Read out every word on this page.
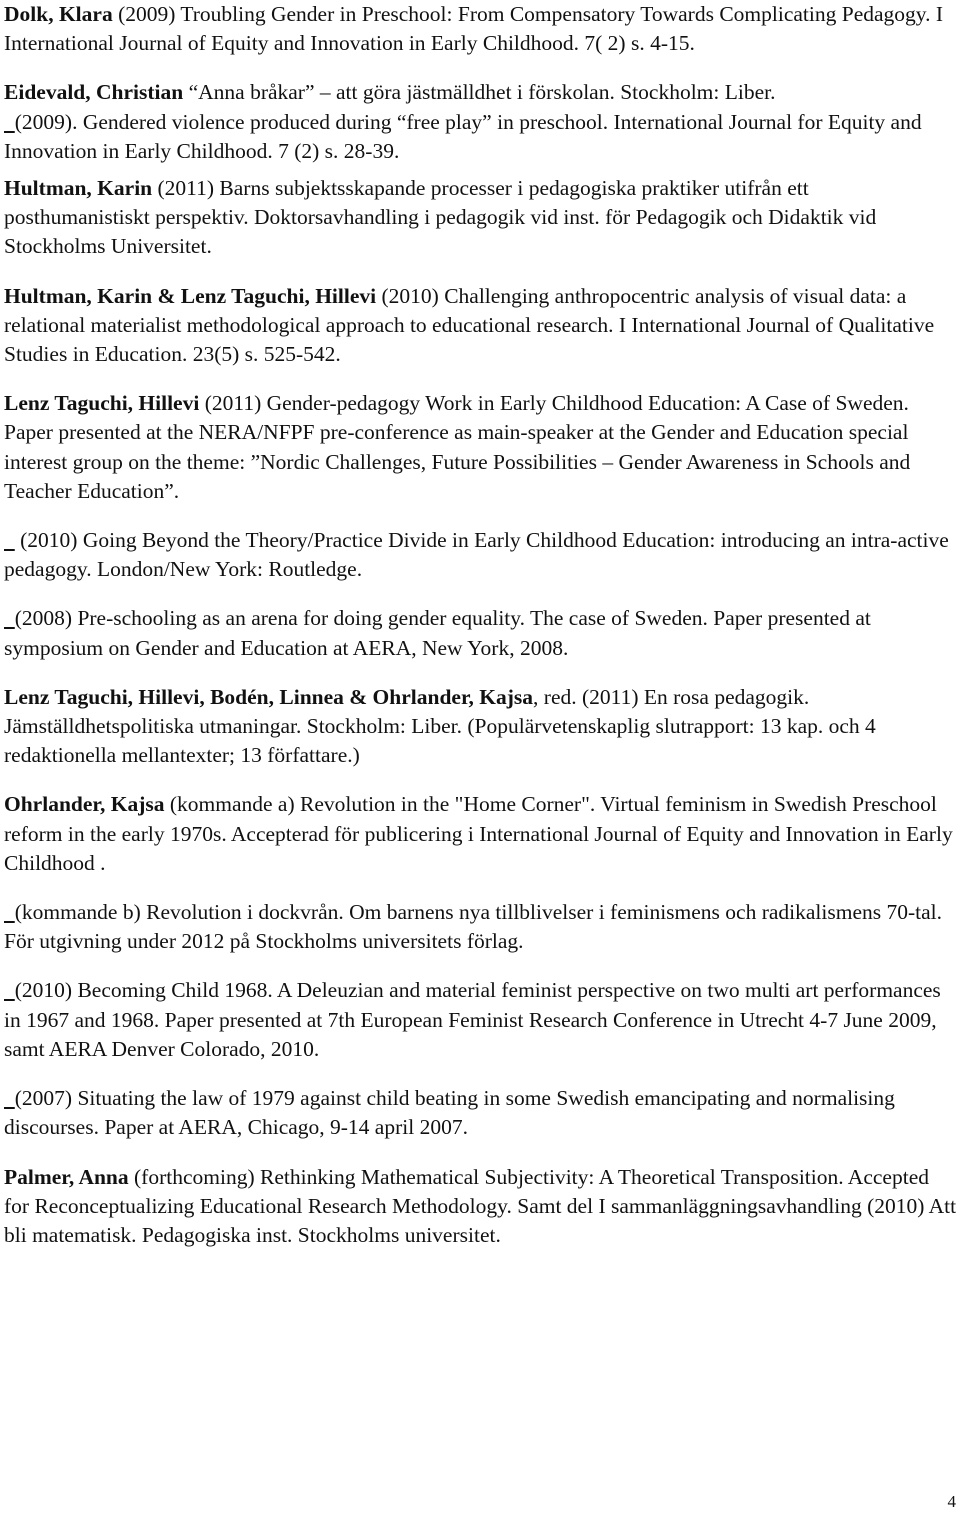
Dolk, Klara (2009) Troubling Gender in Preschool: From Compensatory Towards Complicating Pedagogy. I International Journal of Equity and Innovation in Early Childhood. 7( 2) s. 4-15.

Eidevald, Christian “Anna bråkar” – att göra jästmälldhet i förskolan. Stockholm: Liber.

(2009). Gendered violence produced during “free play” in preschool. International Journal for Equity and Innovation in Early Childhood. 7 (2) s. 28-39.

Hultman, Karin (2011) Barns subjektsskapande processer i pedagogiska praktiker utifrån ett posthumanistiskt perspektiv. Doktorsavhandling i pedagogik vid inst. för Pedagogik och Didaktik vid Stockholms Universitet.

Hultman, Karin & Lenz Taguchi, Hillevi (2010) Challenging anthropocentric analysis of visual data: a relational materialist methodological approach to educational research. I International Journal of Qualitative Studies in Education. 23(5) s. 525-542.

Lenz Taguchi, Hillevi (2011) Gender-pedagogy Work in Early Childhood Education: A Case of Sweden. Paper presented at the NERA/NFPF pre-conference as main-speaker at the Gender and Education special interest group on the theme: ”Nordic Challenges, Future Possibilities – Gender Awareness in Schools and Teacher Education”.

(2010) Going Beyond the Theory/Practice Divide in Early Childhood Education: introducing an intra-active pedagogy. London/New York: Routledge.

(2008) Pre-schooling as an arena for doing gender equality. The case of Sweden. Paper presented at symposium on Gender and Education at AERA, New York, 2008.

Lenz Taguchi, Hillevi, Bodén, Linnea & Ohrlander, Kajsa, red. (2011) En rosa pedagogik. Jämställdhetspolitiska utmaningar. Stockholm: Liber. (Populärvetenskaplig slutrapport: 13 kap. och 4 redaktionella mellantexter; 13 författare.)

Ohrlander, Kajsa (kommande a) Revolution in the "Home Corner". Virtual feminism in Swedish Preschool reform in the early 1970s. Accepterad för publicering i International Journal of Equity and Innovation in Early Childhood .

(kommande b) Revolution i dockvrån. Om barnens nya tillblivelser i feminismens och radikalismens 70-tal. För utgivning under 2012 på Stockholms universitets förlag.

(2010) Becoming Child 1968. A Deleuzian and material feminist perspective on two multi art performances in 1967 and 1968. Paper presented at 7th European Feminist Research Conference in Utrecht 4-7 June 2009, samt AERA Denver Colorado, 2010.

(2007) Situating the law of 1979 against child beating in some Swedish emancipating and normalising discourses. Paper at AERA, Chicago, 9-14 april 2007.

Palmer, Anna (forthcoming) Rethinking Mathematical Subjectivity: A Theoretical Transposition. Accepted for Reconceptualizing Educational Research Methodology. Samt del I sammanläggningsavhandling (2010) Att bli matematisk. Pedagogiska inst. Stockholms universitet.

4
